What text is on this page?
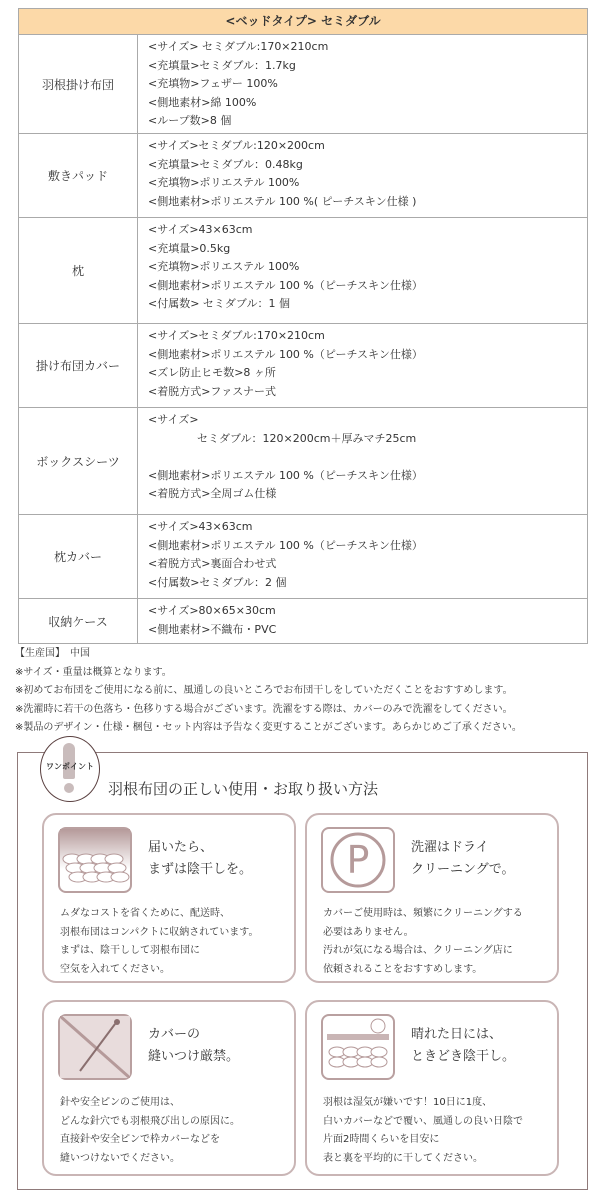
<ベッドタイプ> セミダブル
羽根掛け布団
<サイズ> セミダブル:170×210cm
<充填量>セミダブル：1.7kg
<充填物>フェザー 100%
<側地素材>綿 100%
<ループ数>8 個
敷きパッド
<サイズ>セミダブル:120×200cm
<充填量>セミダブル：0.48kg
<充填物>ポリエステル 100%
<側地素材>ポリエステル 100 %( ピーチスキン仕様 )
枕
<サイズ>43×63cm
<充填量>0.5kg
<充填物>ポリエステル 100%
<側地素材>ポリエステル 100 %（ピーチスキン仕様）
<付属数> セミダブル：1 個
掛け布団カバー
<サイズ>セミダブル:170×210cm
<側地素材>ポリエステル 100 %（ピーチスキン仕様）
<ズレ防止ヒモ数>8 ヶ所
<着脱方式>ファスナー式
ボックスシーツ
<サイズ>
セミダブル：120×200cm＋厚みマチ25cm

<側地素材>ポリエステル 100 %（ピーチスキン仕様）
<着脱方式>全周ゴム仕様
枕カバー
<サイズ>43×63cm
<側地素材>ポリエステル 100 %（ピーチスキン仕様）
<着脱方式>裏面合わせ式
<付属数>セミダブル：2 個
収納ケース
<サイズ>80×65×30cm
<側地素材>不織布・PVC
【生産国】　中国
※サイズ・重量は概算となります。
※初めてお布団をご使用になる前に、風通しの良いところでお布団干しをしていただくことをおすすめします。
※洗濯時に若干の色落ち・色移りする場合がございます。洗濯をする際は、カバーのみで洗濯をしてください。
※製品のデザイン・仕様・梱包・セット内容は予告なく変更することがございます。あらかじめご了承ください。
ワンポイント
羽根布団の正しい使用・お取り扱い方法
届いたら、
まずは陰干しを。
ムダなコストを省くために、配送時、
羽根布団はコンパクトに収納されています。
まずは、陰干しして羽根布団に
空気を入れてください。
P	洗濯はドライ
クリーニングで。
カバーご使用時は、頻繁にクリーニングする
必要はありません。
汚れが気になる場合は、クリーニング店に
依頼されることをおすすめします。
カバーの
縫いつけ厳禁。
針や安全ピンのご使用は、
どんな針穴でも羽根飛び出しの原因に。
直接針や安全ピンで枠カバーなどを
縫いつけないでください。
晴れた日には、
ときどき陰干し。
羽根は湿気が嫌いです！10日に1度、
白いカバーなどで覆い、風通しの良い日陰で
片面2時間くらいを目安に
表と裏を平均的に干してください。
